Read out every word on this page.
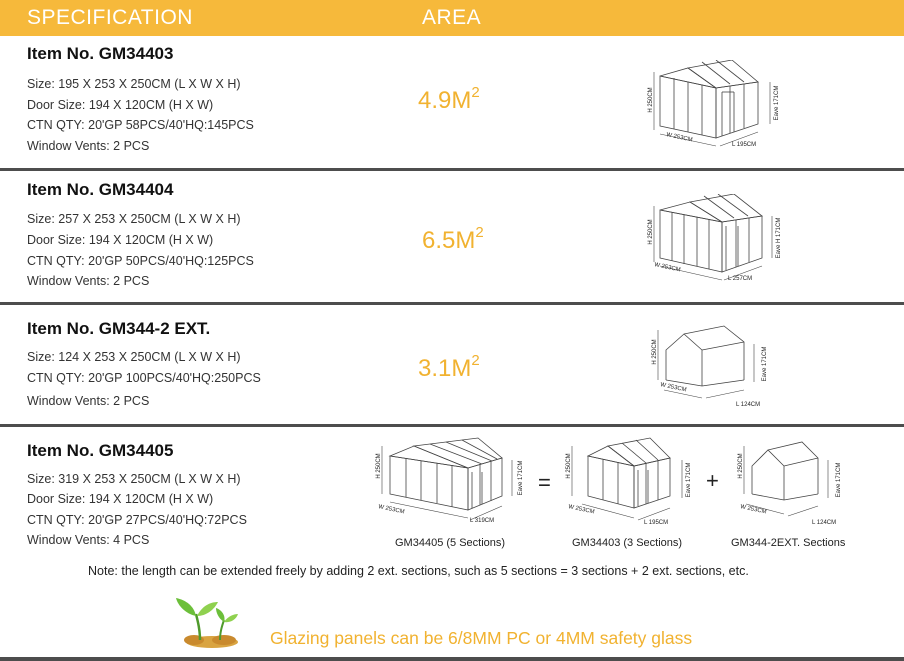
SPECIFICATION	AREA
Item No. GM34403
Size: 195 X 253 X 250CM (L X W X H)
Door Size: 194 X 120CM (H X W)
CTN QTY: 20'GP 58PCS/40'HQ:145PCS
Window Vents: 2 PCS
$4.9M^2$	H 250CM	Eave 171CM
W 253CM
L 195CM
Item No. GM34404
Size: 257 X 253 X 250CM (L X W X H)
Door Size: 194 X 120CM (H X W)
CTN QTY: 20'GP 50PCS/40'HQ:125PCS
Window Vents: 2 PCS
$6.5M^2$	H 250CM	Eave H 171CM
W 253CM
L 257CM
Item No. GM344-2 EXT.
Size: 124 X 253 X 250CM (L X W X H)
CTN QTY: 20'GP 100PCS/40'HQ:250PCS
Window Vents: 2 PCS
$3.1M^2$	H 250CM	Eave 171CM
W 253CM
L 124CM
Item No. GM34405
Size: 319 X 253 X 250CM (L X W X H)
Door Size: 194 X 120CM (H X W)
CTN QTY: 20'GP 27PCS/40'HQ:72PCS
Window Vents: 4 PCS
H 250CM	Eave 171CM
W 253CM
L 319CM
=
H 250CM	Eave 171CM
W 253CM
L 195CM
+
H 250CM	Eave 171CM
W 253CM
L 124CM
GM34405 (5 Sections)	GM34403 (3 Sections)	GM344-2EXT. Sections
Note: the length can be extended freely by adding 2 ext. sections, such as 5 sections = 3 sections + 2 ext. sections, etc.
Glazing panels can be 6/8MM PC or 4MM safety glass
